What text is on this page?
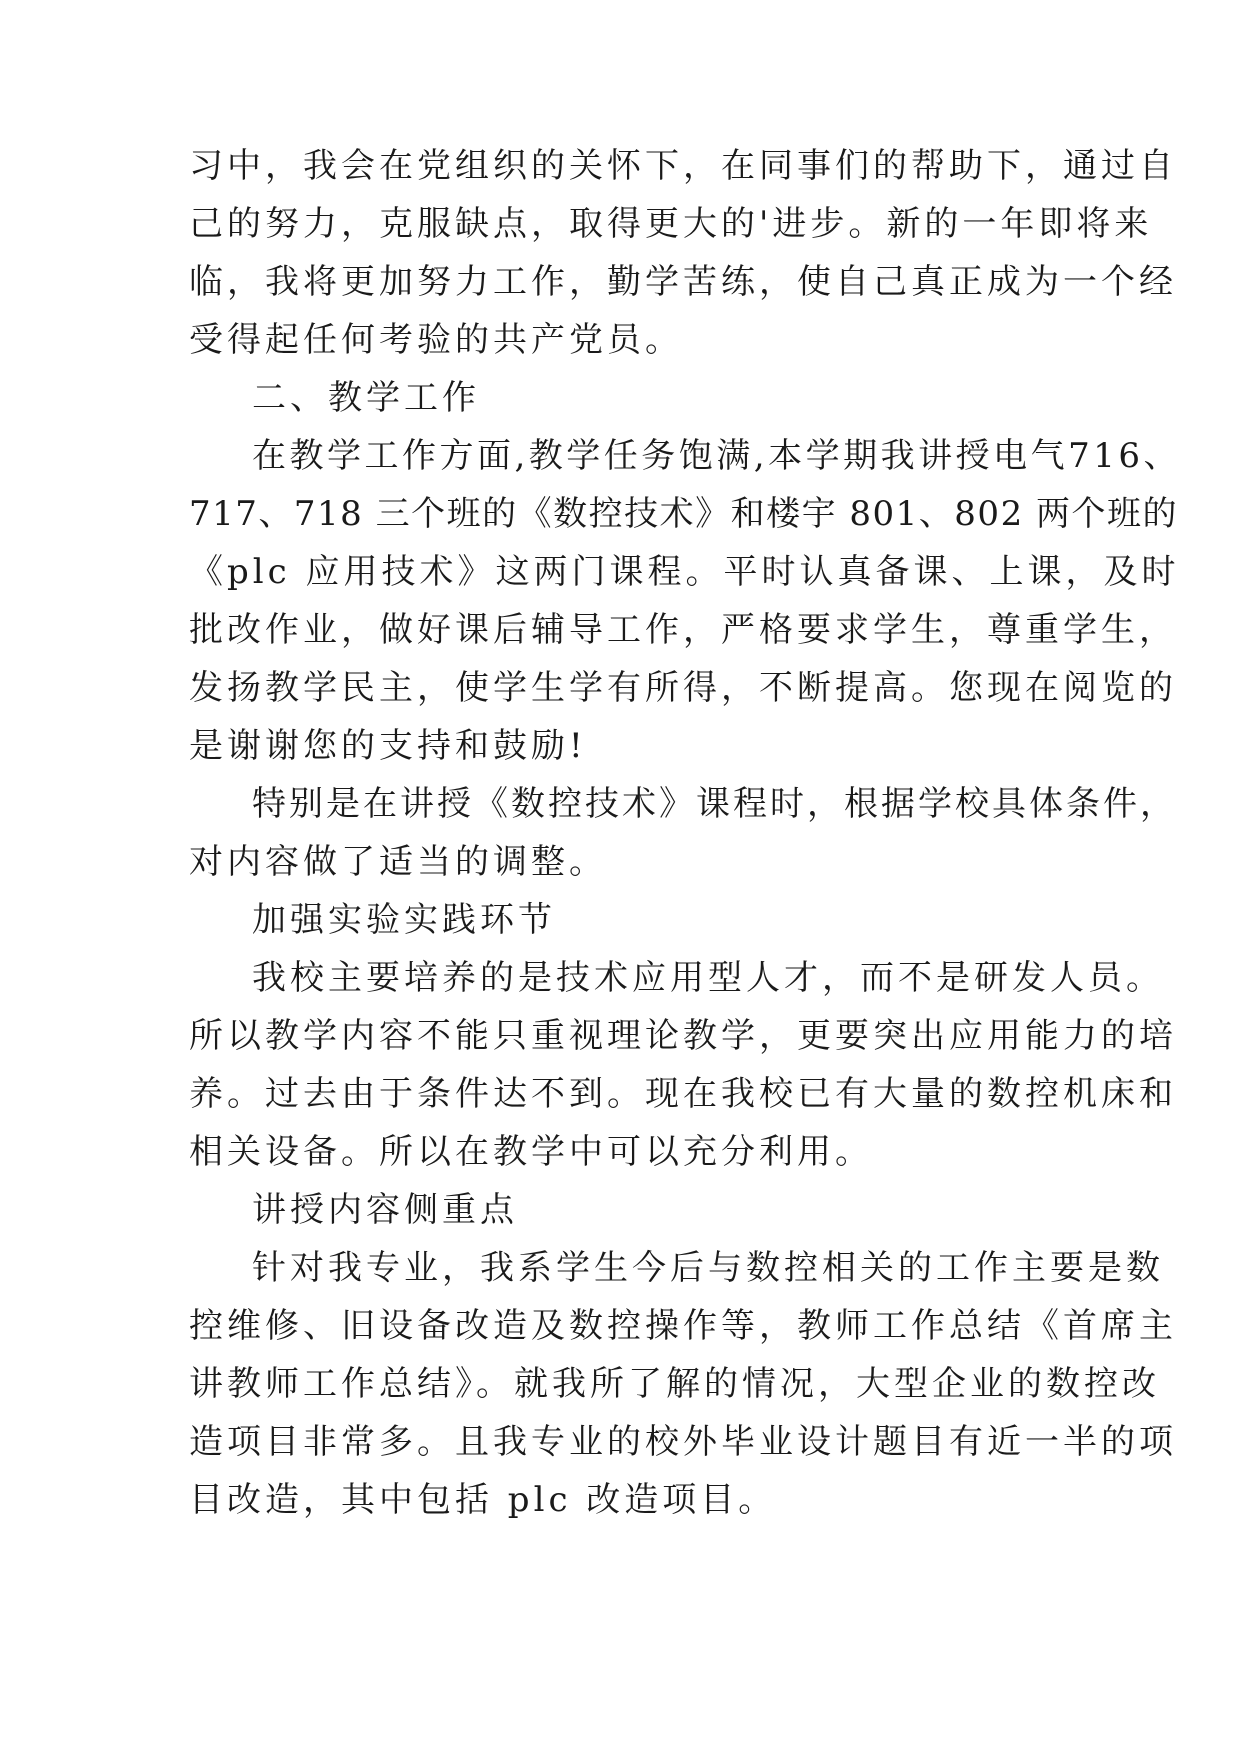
习中，我会在党组织的关怀下，在同事们的帮助下，通过自
己的努力，克服缺点，取得更大的'进步。新的一年即将来
临，我将更加努力工作，勤学苦练，使自己真正成为一个经
受得起任何考验的共产党员。
二、教学工作
在教学工作方面,教学任务饱满,本学期我讲授电气716、
717、718 三个班的《数控技术》和楼宇 801、802 两个班的
《plc 应用技术》这两门课程。平时认真备课、上课，及时
批改作业，做好课后辅导工作，严格要求学生，尊重学生，
发扬教学民主，使学生学有所得，不断提高。您现在阅览的
是谢谢您的支持和鼓励!
特别是在讲授《数控技术》课程时，根据学校具体条件，
对内容做了适当的调整。
加强实验实践环节
我校主要培养的是技术应用型人才，而不是研发人员。
所以教学内容不能只重视理论教学，更要突出应用能力的培
养。过去由于条件达不到。现在我校已有大量的数控机床和
相关设备。所以在教学中可以充分利用。
讲授内容侧重点
针对我专业，我系学生今后与数控相关的工作主要是数
控维修、旧设备改造及数控操作等，教师工作总结《首席主
讲教师工作总结》。就我所了解的情况，大型企业的数控改
造项目非常多。且我专业的校外毕业设计题目有近一半的项
目改造，其中包括 plc 改造项目。
